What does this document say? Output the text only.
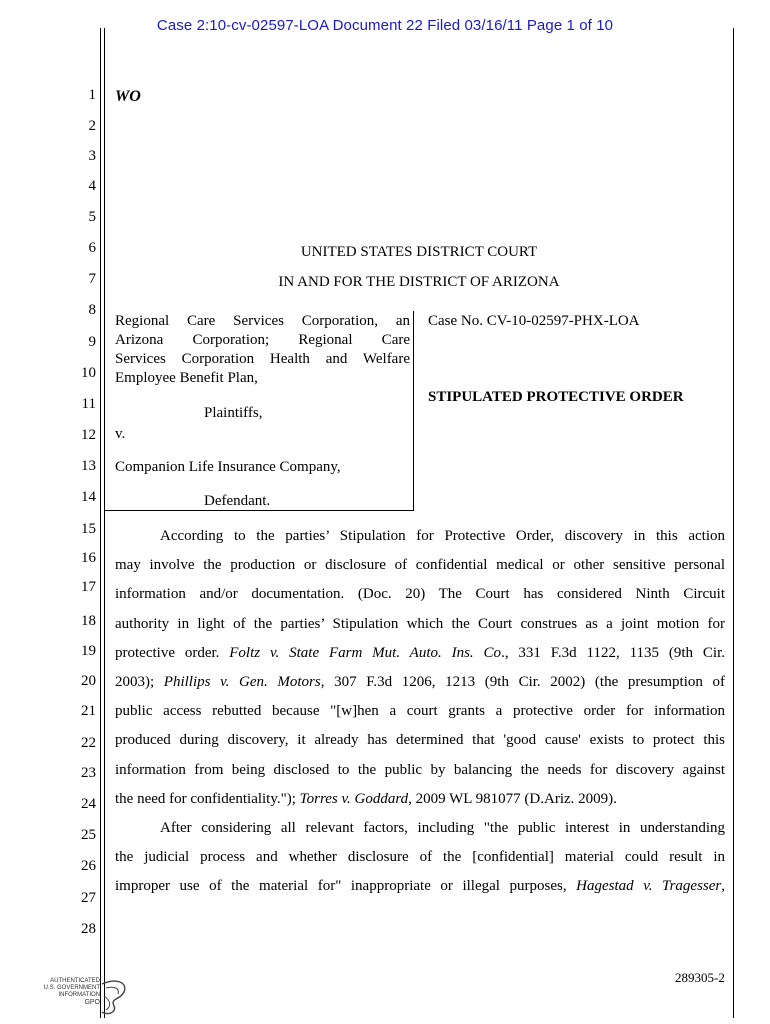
Case 2:10-cv-02597-LOA Document 22 Filed 03/16/11 Page 1 of 10
1
2
3
4
5
6
7
8
9
10
11
12
13
14
15
16
17
18
19
20
21
22
23
24
25
26
27
28
WO
UNITED STATES DISTRICT COURT
IN AND FOR THE DISTRICT OF ARIZONA
Regional Care Services Corporation, an
Arizona Corporation; Regional Care
Services Corporation Health and Welfare
Employee Benefit Plan,
Plaintiffs,
v.
Companion Life Insurance Company,
Defendant.
Case No. CV-10-02597-PHX-LOA
STIPULATED PROTECTIVE ORDER
According to the parties’ Stipulation for Protective Order, discovery in this action
may involve the production or disclosure of confidential medical or other sensitive personal
information and/or documentation. (Doc. 20) The Court has considered Ninth Circuit
authority in light of the parties’ Stipulation which the Court construes as a joint motion for
protective order. Foltz v. State Farm Mut. Auto. Ins. Co., 331 F.3d 1122, 1135 (9th Cir.
2003); Phillips v. Gen. Motors, 307 F.3d 1206, 1213 (9th Cir. 2002) (the presumption of
public access rebutted because "[w]hen a court grants a protective order for information
produced during discovery, it already has determined that 'good cause' exists to protect this
information from being disclosed to the public by balancing the needs for discovery against
the need for confidentiality."); Torres v. Goddard, 2009 WL 981077 (D.Ariz. 2009).
After considering all relevant factors, including "the public interest in understanding
the judicial process and whether disclosure of the [confidential] material could result in
improper use of the material for" inappropriate or illegal purposes, Hagestad v. Tragesser,
289305-2
AUTHENTICATED
U.S. GOVERNMENT
INFORMATION
GPO
